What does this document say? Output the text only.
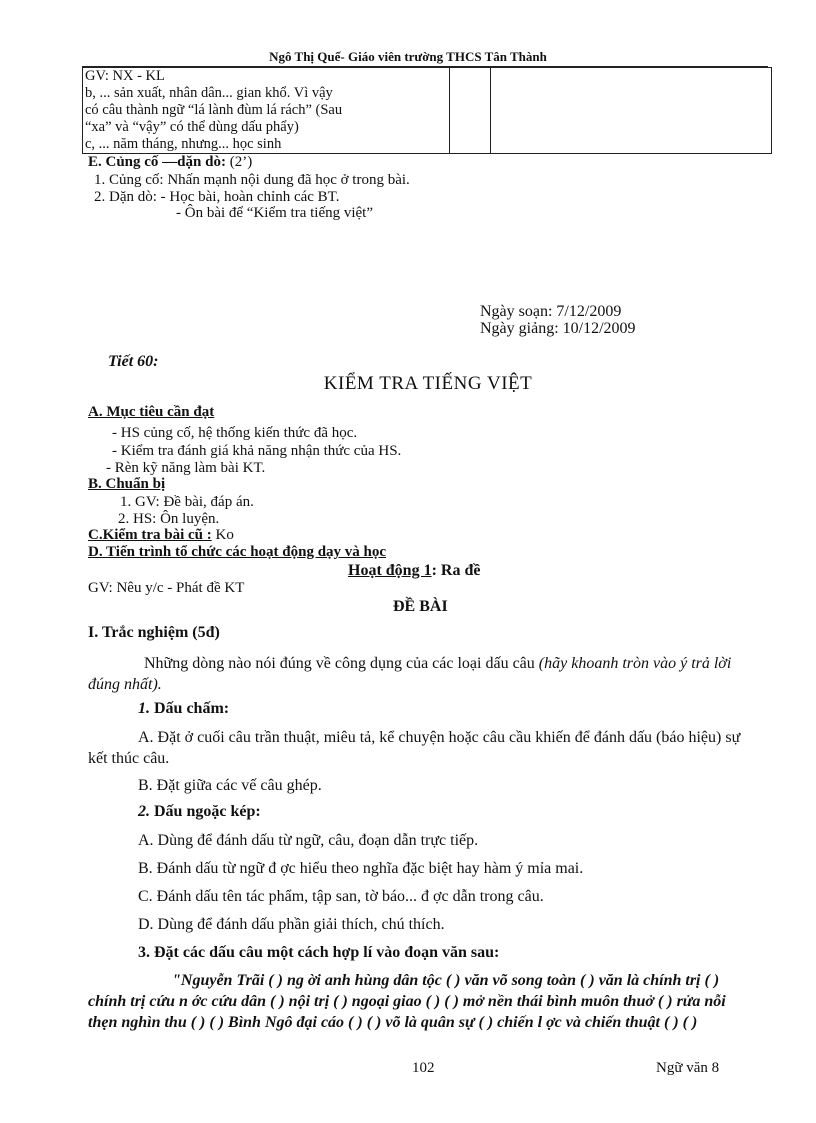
Ngô Thị Quế- Giáo viên trường THCS Tân Thành
GV: NX - KL
b, ... sản xuất, nhân dân... gian khổ. Vì vậy
có câu thành ngữ “lá lành đùm lá rách” (Sau
“xa” và “vậy” có thể dùng dấu phẩy)
c, ... năm tháng, nhưng... học sinh

E. Củng cố —dặn dò: (2’)
1. Củng cố: Nhấn mạnh nội dung đã học ở trong bài.
2. Dặn dò: - Học bài, hoàn chỉnh các BT.
- Ôn bài để “Kiểm tra tiếng việt”
Ngày soạn: 7/12/2009
Ngày giảng: 10/12/2009
Tiết 60:
KIỂM TRA TIẾNG VIỆT
A. Mục tiêu cần đạt
- HS củng cố, hệ thống kiến thức đã học.
- Kiểm tra đánh giá khả năng nhận thức của HS.
- Rèn kỹ năng làm bài KT.
B. Chuẩn bị
1. GV: Đề bài, đáp án.
2. HS: Ôn luyện.
C.Kiểm tra bài cũ : Ko
D. Tiến trình tổ chức các hoạt động dạy và học
Hoạt động 1: Ra đề
GV: Nêu y/c - Phát đề KT
ĐỀ BÀI
I. Trắc nghiệm (5đ)
Những dòng nào nói đúng về công dụng của các loại dấu câu (hãy khoanh tròn vào ý trả lời đúng nhất).
1. Dấu chấm:
A. Đặt ở cuối câu trần thuật, miêu tả, kể chuyện hoặc câu cầu khiến để đánh dấu (báo hiệu) sự kết thúc câu.
B. Đặt giữa các vế câu ghép.
2. Dấu ngoặc kép:
A. Dùng để đánh dấu từ ngữ, câu, đoạn dẫn trực tiếp.
B. Đánh dấu từ ngữ đ ợc hiểu theo nghĩa đặc biệt hay hàm ý mỉa mai.
C. Đánh dấu tên tác phẩm, tập san, tờ báo... đ ợc dẫn trong câu.
D. Dùng để đánh dấu phần giải thích, chú thích.
3. Đặt các dấu câu một cách hợp lí vào đoạn văn sau:
"Nguyễn Trãi ( ) ng ời anh hùng dân tộc ( ) văn võ song toàn ( ) văn là chính trị ( ) chính trị cứu n ớc cứu dân ( ) nội trị ( ) ngoại giao ( ) ( ) mở nền thái bình muôn thuở ( ) rửa nỗi thẹn nghìn thu ( ) ( ) Bình Ngô đại cáo ( ) ( ) võ là quân sự ( ) chiến l ợc và chiến thuật ( ) ( )
102	Ngữ văn 8
